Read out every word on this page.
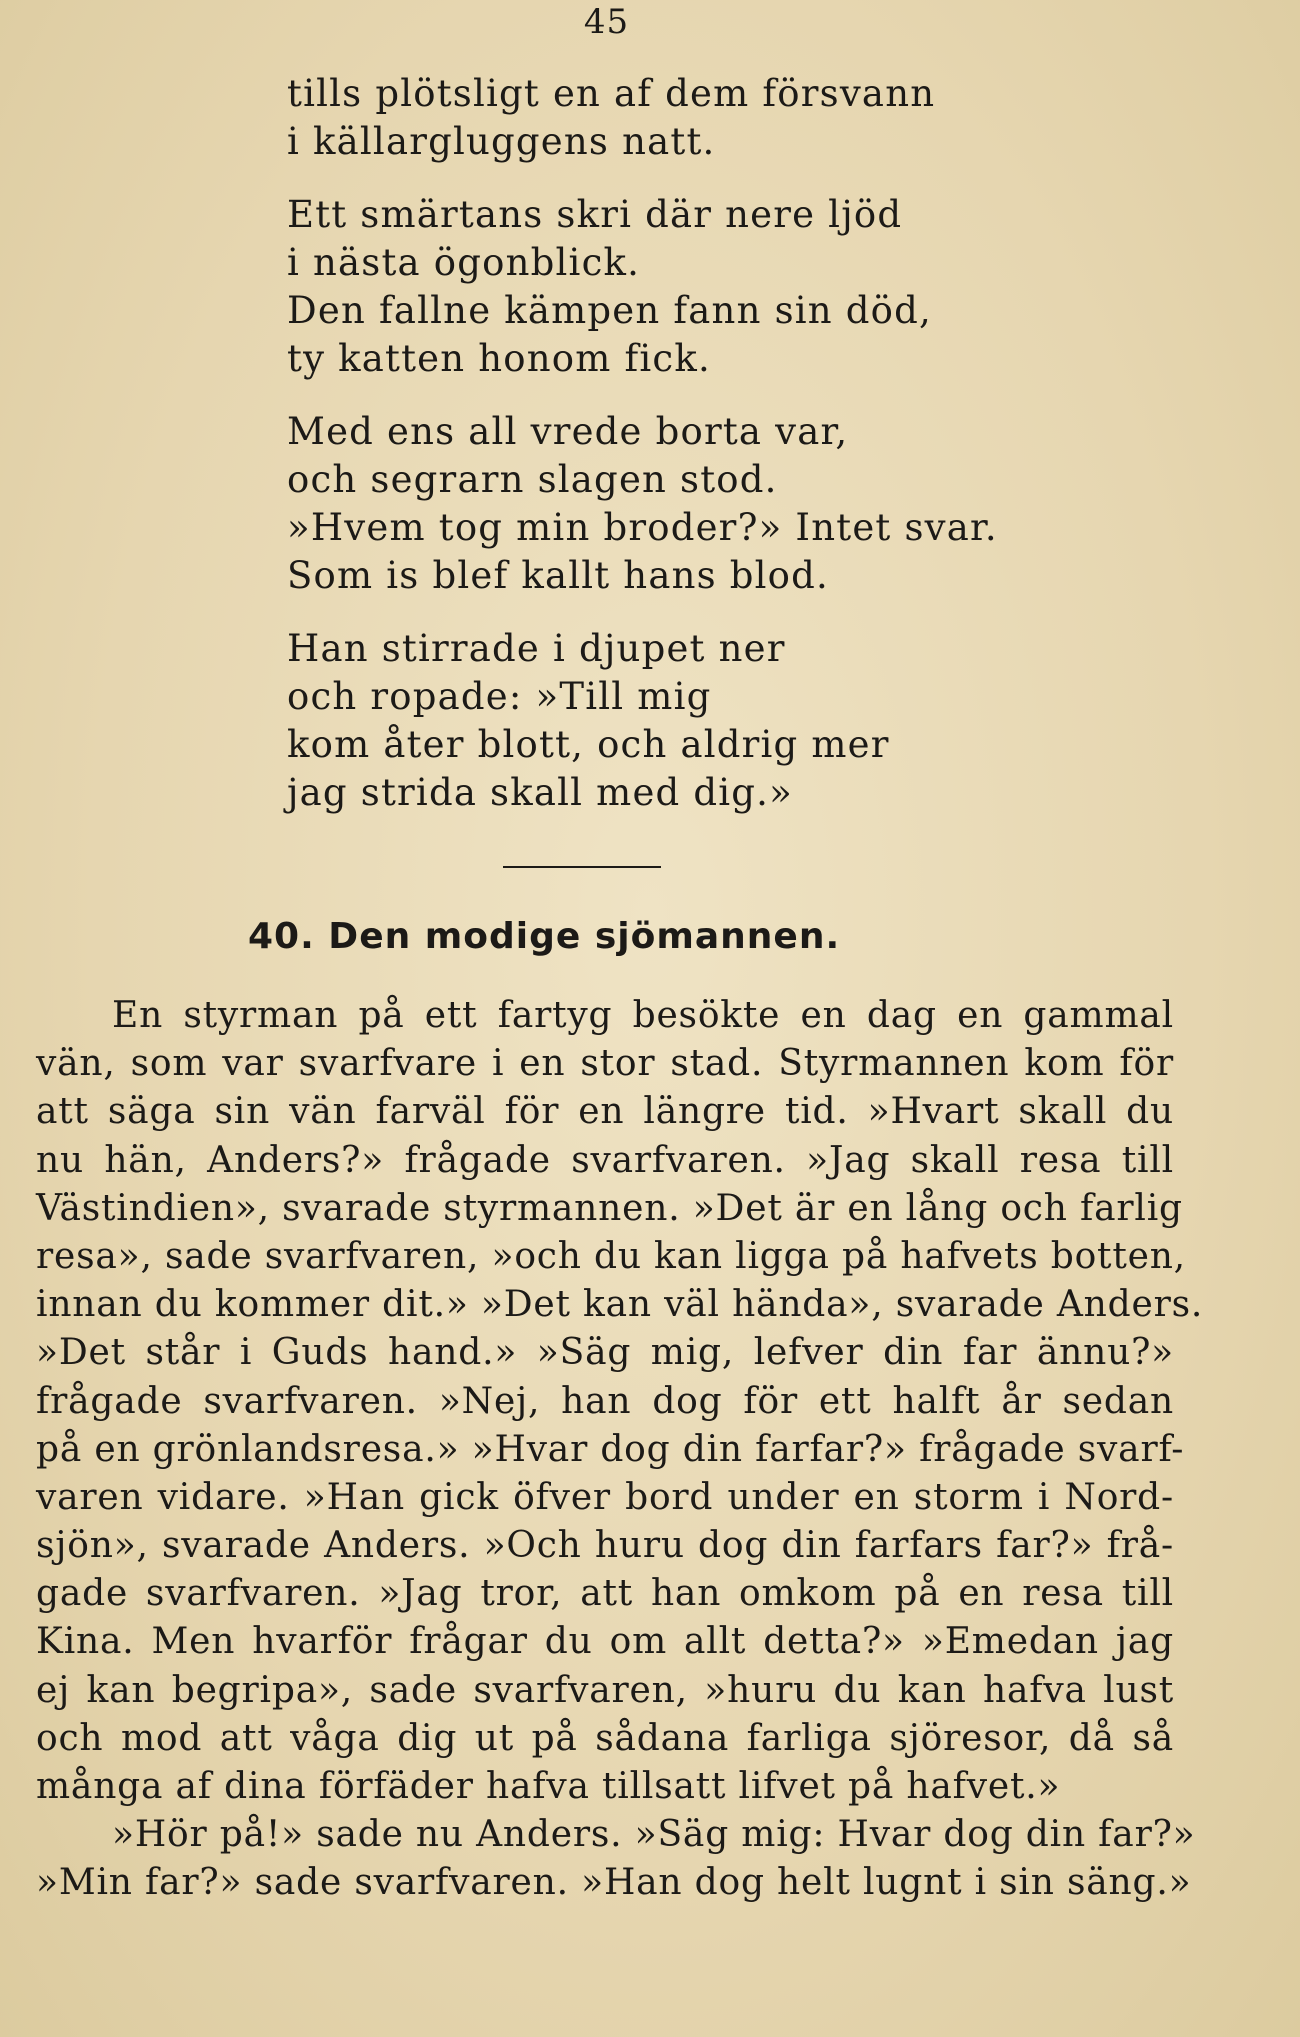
45
tills plötsligt en af dem försvann
i källargluggens natt.
Ett smärtans skri där nere ljöd
i nästa ögonblick.
Den fallne kämpen fann sin död,
ty katten honom fick.
Med ens all vrede borta var,
och segrarn slagen stod.
»Hvem tog min broder?» Intet svar.
Som is blef kallt hans blod.
Han stirrade i djupet ner
och ropade: »Till mig
kom åter blott, och aldrig mer
jag strida skall med dig.»
40. Den modige sjömannen.
En styrman på ett fartyg besökte en dag en gammal
vän, som var svarfvare i en stor stad. Styrmannen kom för
att säga sin vän farväl för en längre tid. »Hvart skall du
nu hän, Anders?» frågade svarfvaren. »Jag skall resa till
Västindien», svarade styrmannen. »Det är en lång och farlig
resa», sade svarfvaren, »och du kan ligga på hafvets botten,
innan du kommer dit.» »Det kan väl hända», svarade Anders.
»Det står i Guds hand.» »Säg mig, lefver din far ännu?»
frågade svarfvaren. »Nej, han dog för ett halft år sedan
på en grönlandsresa.» »Hvar dog din farfar?» frågade svarf-
varen vidare. »Han gick öfver bord under en storm i Nord-
sjön», svarade Anders. »Och huru dog din farfars far?» frå-
gade svarfvaren. »Jag tror, att han omkom på en resa till
Kina. Men hvarför frågar du om allt detta?» »Emedan jag
ej kan begripa», sade svarfvaren, »huru du kan hafva lust
och mod att våga dig ut på sådana farliga sjöresor, då så
många af dina förfäder hafva tillsatt lifvet på hafvet.»
»Hör på!» sade nu Anders. »Säg mig: Hvar dog din far?»
»Min far?» sade svarfvaren. »Han dog helt lugnt i sin säng.»
